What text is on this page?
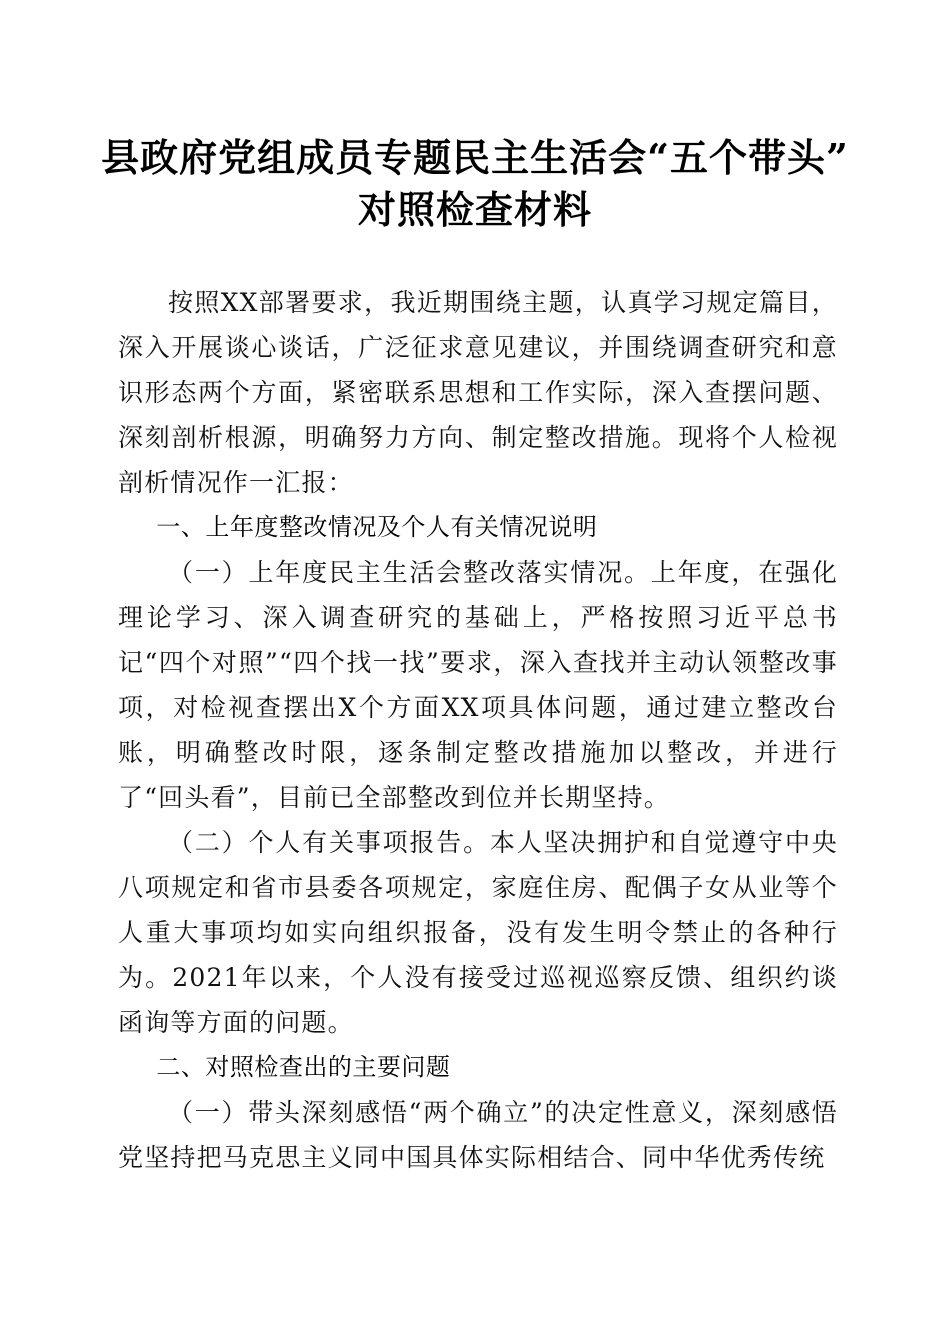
县政府党组成员专题民主生活会“五个带头”
对照检查材料

按照XX部署要求，我近期围绕主题，认真学习规定篇目，深入开展谈心谈话，广泛征求意见建议，并围绕调查研究和意识形态两个方面，紧密联系思想和工作实际，深入查摆问题、深刻剖析根源，明确努力方向、制定整改措施。现将个人检视剖析情况作一汇报：

一、上年度整改情况及个人有关情况说明

（一）上年度民主生活会整改落实情况。上年度，在强化理论学习、深入调查研究的基础上，严格按照习近平总书记“四个对照”“四个找一找”要求，深入查找并主动认领整改事项，对检视查摆出X个方面XX项具体问题，通过建立整改台账，明确整改时限，逐条制定整改措施加以整改，并进行了“回头看”，目前已全部整改到位并长期坚持。

（二）个人有关事项报告。本人坚决拥护和自觉遵守中央八项规定和省市县委各项规定，家庭住房、配偶子女从业等个人重大事项均如实向组织报备，没有发生明令禁止的各种行为。2021年以来，个人没有接受过巡视巡察反馈、组织约谈函询等方面的问题。

二、对照检查出的主要问题

（一）带头深刻感悟“两个确立”的决定性意义，深刻感悟党坚持把马克思主义同中国具体实际相结合、同中华优秀传统
